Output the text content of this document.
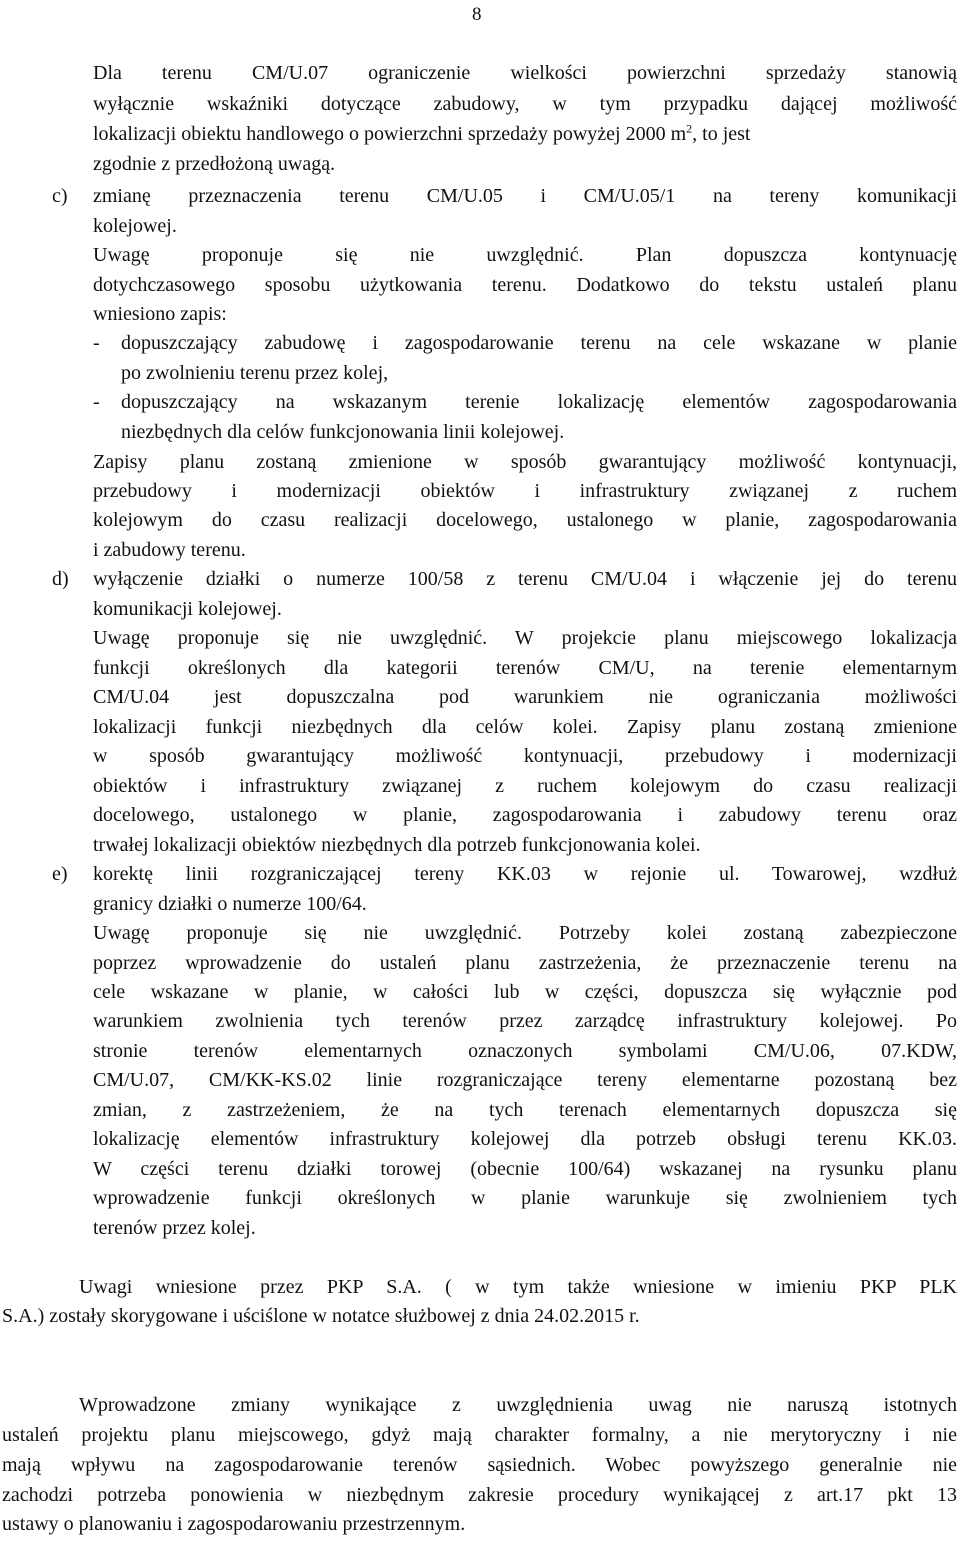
8
Dla terenu CM/U.07 ograniczenie wielkości powierzchni sprzedaży stanowią
wyłącznie wskaźniki dotyczące zabudowy, w tym przypadku dającej możliwość
lokalizacji obiektu handlowego o powierzchni sprzedaży powyżej 2000 $m^2$, to jest
zgodnie z przedłożoną uwagą.
c) zmianę przeznaczenia terenu CM/U.05 i CM/U.05/1 na tereny komunikacji
kolejowej.
Uwagę proponuje się nie uwzględnić. Plan dopuszcza kontynuację
dotychczasowego sposobu użytkowania terenu. Dodatkowo do tekstu ustaleń planu
wniesiono zapis:
- dopuszczający zabudowę i zagospodarowanie terenu na cele wskazane w planie
po zwolnieniu terenu przez kolej,
- dopuszczający na wskazanym terenie lokalizację elementów zagospodarowania
niezbędnych dla celów funkcjonowania linii kolejowej.
Zapisy planu zostaną zmienione w sposób gwarantujący możliwość kontynuacji,
przebudowy i modernizacji obiektów i infrastruktury związanej z ruchem
kolejowym do czasu realizacji docelowego, ustalonego w planie, zagospodarowania
i zabudowy terenu.
d) wyłączenie działki o numerze 100/58 z terenu CM/U.04 i włączenie jej do terenu
komunikacji kolejowej.
Uwagę proponuje się nie uwzględnić. W projekcie planu miejscowego lokalizacja
funkcji określonych dla kategorii terenów CM/U, na terenie elementarnym
CM/U.04 jest dopuszczalna pod warunkiem nie ograniczania możliwości
lokalizacji funkcji niezbędnych dla celów kolei. Zapisy planu zostaną zmienione
w sposób gwarantujący możliwość kontynuacji, przebudowy i modernizacji
obiektów i infrastruktury związanej z ruchem kolejowym do czasu realizacji
docelowego, ustalonego w planie, zagospodarowania i zabudowy terenu oraz
trwałej lokalizacji obiektów niezbędnych dla potrzeb funkcjonowania kolei.
e) korektę linii rozgraniczającej tereny KK.03 w rejonie ul. Towarowej, wzdłuż
granicy działki o numerze 100/64.
Uwagę proponuje się nie uwzględnić. Potrzeby kolei zostaną zabezpieczone
poprzez wprowadzenie do ustaleń planu zastrzeżenia, że przeznaczenie terenu na
cele wskazane w planie, w całości lub w części, dopuszcza się wyłącznie pod
warunkiem zwolnienia tych terenów przez zarządcę infrastruktury kolejowej. Po
stronie terenów elementarnych oznaczonych symbolami CM/U.06, 07.KDW,
CM/U.07, CM/KK-KS.02 linie rozgraniczające tereny elementarne pozostaną bez
zmian, z zastrzeżeniem, że na tych terenach elementarnych dopuszcza się
lokalizację elementów infrastruktury kolejowej dla potrzeb obsługi terenu KK.03.
W części terenu działki torowej (obecnie 100/64) wskazanej na rysunku planu
wprowadzenie funkcji określonych w planie warunkuje się zwolnieniem tych
terenów przez kolej.
Uwagi wniesione przez PKP S.A. ( w tym także wniesione w imieniu PKP PLK
S.A.) zostały skorygowane i uściślone w notatce służbowej z dnia 24.02.2015 r.
Wprowadzone zmiany wynikające z uwzględnienia uwag nie naruszą istotnych
ustaleń projektu planu miejscowego, gdyż mają charakter formalny, a nie merytoryczny i nie
mają wpływu na zagospodarowanie terenów sąsiednich. Wobec powyższego generalnie nie
zachodzi potrzeba ponowienia w niezbędnym zakresie procedury wynikającej z art.17 pkt 13
ustawy o planowaniu i zagospodarowaniu przestrzennym.
